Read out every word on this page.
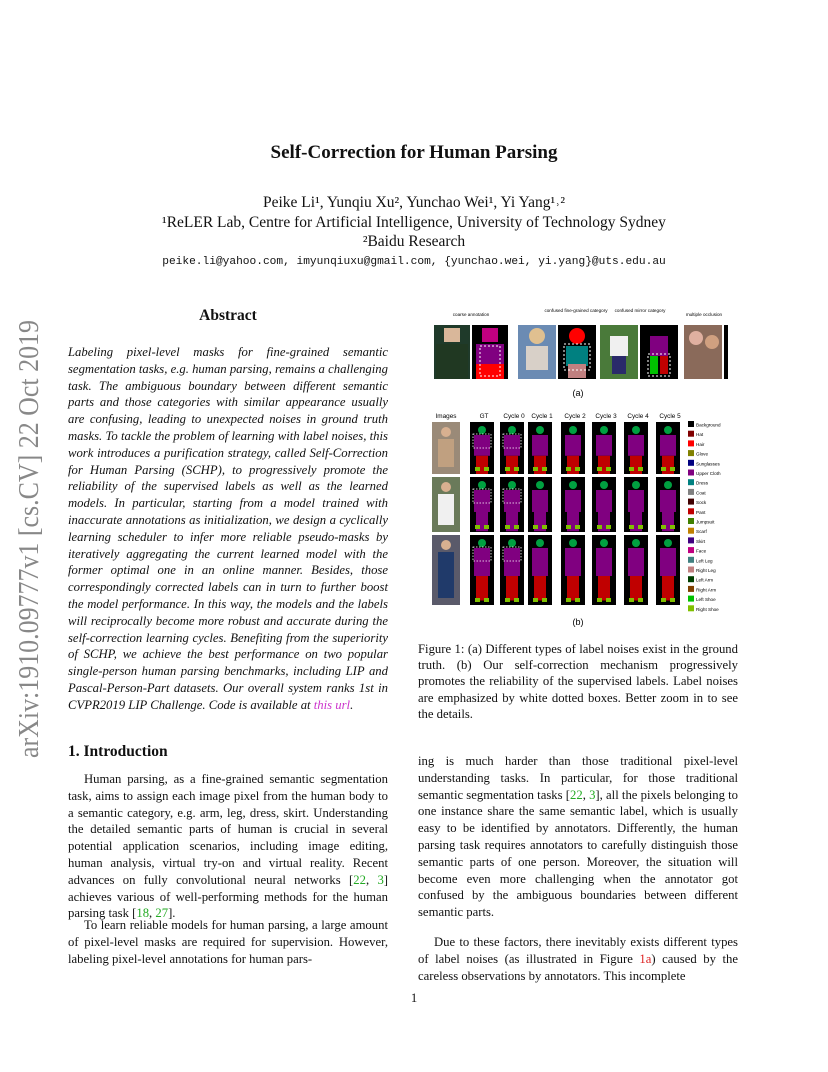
arXiv:1910.09777v1 [cs.CV] 22 Oct 2019
Self-Correction for Human Parsing
Peike Li¹, Yunqiu Xu², Yunchao Wei¹, Yi Yang¹˒²
¹ReLER Lab, Centre for Artificial Intelligence, University of Technology Sydney
²Baidu Research
peike.li@yahoo.com, imyunqiuxu@gmail.com, {yunchao.wei, yi.yang}@uts.edu.au
Abstract
Labeling pixel-level masks for fine-grained semantic segmentation tasks, e.g. human parsing, remains a challenging task. The ambiguous boundary between different semantic parts and those categories with similar appearance usually are confusing, leading to unexpected noises in ground truth masks. To tackle the problem of learning with label noises, this work introduces a purification strategy, called Self-Correction for Human Parsing (SCHP), to progressively promote the reliability of the supervised labels as well as the learned models. In particular, starting from a model trained with inaccurate annotations as initialization, we design a cyclically learning scheduler to infer more reliable pseudo-masks by iteratively aggregating the current learned model with the former optimal one in an online manner. Besides, those correspondingly corrected labels can in turn to further boost the model performance. In this way, the models and the labels will reciprocally become more robust and accurate during the self-correction learning cycles. Benefiting from the superiority of SCHP, we achieve the best performance on two popular single-person human parsing benchmarks, including LIP and Pascal-Person-Part datasets. Our overall system ranks 1st in CVPR2019 LIP Challenge. Code is available at this url.
1. Introduction
Human parsing, as a fine-grained semantic segmentation task, aims to assign each image pixel from the human body to a semantic category, e.g. arm, leg, dress, skirt. Understanding the detailed semantic parts of human is crucial in several potential application scenarios, including image editing, human analysis, virtual try-on and virtual reality. Recent advances on fully convolutional neural networks [22, 3] achieves various of well-performing methods for the human parsing task [18, 27].
To learn reliable models for human parsing, a large amount of pixel-level masks are required for supervision. However, labeling pixel-level annotations for human pars-
ing is much harder than those traditional pixel-level understanding tasks. In particular, for those traditional semantic segmentation tasks [22, 3], all the pixels belonging to one instance share the same semantic label, which is usually easy to be identified by annotators. Differently, the human parsing task requires annotators to carefully distinguish those semantic parts of one person. Moreover, the situation will become even more challenging when the annotator got confused by the ambiguous boundaries between different semantic parts.
Due to these factors, there inevitably exists different types of label noises (as illustrated in Figure 1a) caused by the careless observations by annotators. This incomplete
coarse annotation
confused fine-grained category confused mirror category
multiple occlusion
(a)
Images	GT Cycle 0 Cycle 1 Cycle 2 Cycle 3 Cycle 4 Cycle 5
Background
Hat
Hair
Glove
Sunglasses
Upper Cloth
Dress
Coat
Sock
Pant
Jumpsuit
Scarf
Skirt
Face
Left Leg
Right Leg
Left Arm
Right Arm
Left Shoe
Right Shoe
(b)
Figure 1: (a) Different types of label noises exist in the ground truth. (b) Our self-correction mechanism progressively promotes the reliability of the supervised labels. Label noises are emphasized by white dotted boxes. Better zoom in to see the details.
1
